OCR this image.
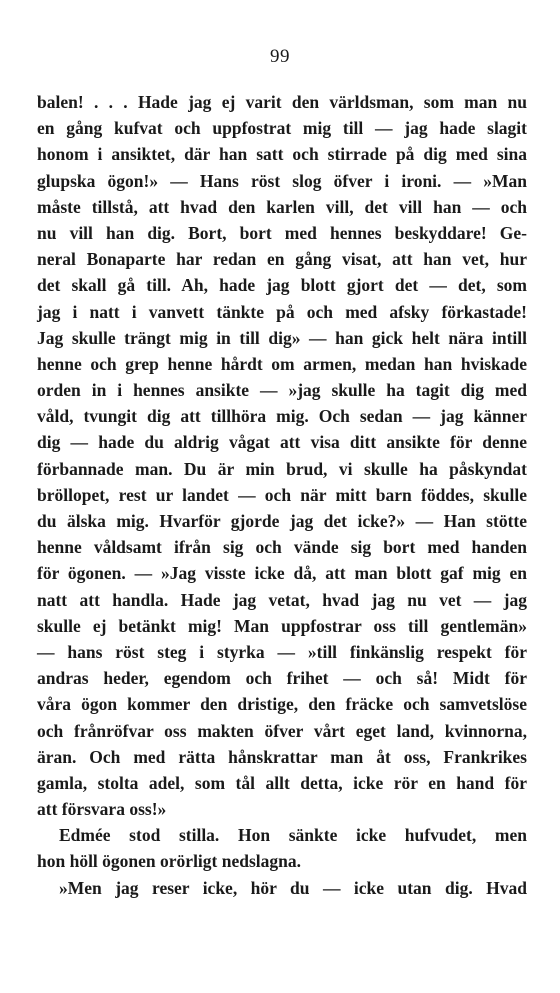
99
balen! . . . Hade jag ej varit den världsman, som man nu
en gång kufvat och uppfostrat mig till — jag hade slagit
honom i ansiktet, där han satt och stirrade på dig med sina
glupska ögon!» — Hans röst slog öfver i ironi. — »Man
måste tillstå, att hvad den karlen vill, det vill han — och
nu vill han dig. Bort, bort med hennes beskyddare! Ge-
neral Bonaparte har redan en gång visat, att han vet, hur
det skall gå till. Ah, hade jag blott gjort det — det, som
jag i natt i vanvett tänkte på och med afsky förkastade!
Jag skulle trängt mig in till dig» — han gick helt nära intill
henne och grep henne hårdt om armen, medan han hviskade
orden in i hennes ansikte — »jag skulle ha tagit dig med
våld, tvungit dig att tillhöra mig. Och sedan — jag känner
dig — hade du aldrig vågat att visa ditt ansikte för denne
förbannade man. Du är min brud, vi skulle ha påskyndat
bröllopet, rest ur landet — och när mitt barn föddes, skulle
du älska mig. Hvarför gjorde jag det icke?» — Han stötte
henne våldsamt ifrån sig och vände sig bort med handen
för ögonen. — »Jag visste icke då, att man blott gaf mig en
natt att handla. Hade jag vetat, hvad jag nu vet — jag
skulle ej betänkt mig! Man uppfostrar oss till gentlemän»
— hans röst steg i styrka — »till finkänslig respekt för
andras heder, egendom och frihet — och så! Midt för
våra ögon kommer den dristige, den fräcke och samvetslöse
och frånröfvar oss makten öfver vårt eget land, kvinnorna,
äran. Och med rätta hånskrattar man åt oss, Frankrikes
gamla, stolta adel, som tål allt detta, icke rör en hand för
att försvara oss!»
Edmée stod stilla. Hon sänkte icke hufvudet, men
hon höll ögonen orörligt nedslagna.
»Men jag reser icke, hör du — icke utan dig. Hvad
